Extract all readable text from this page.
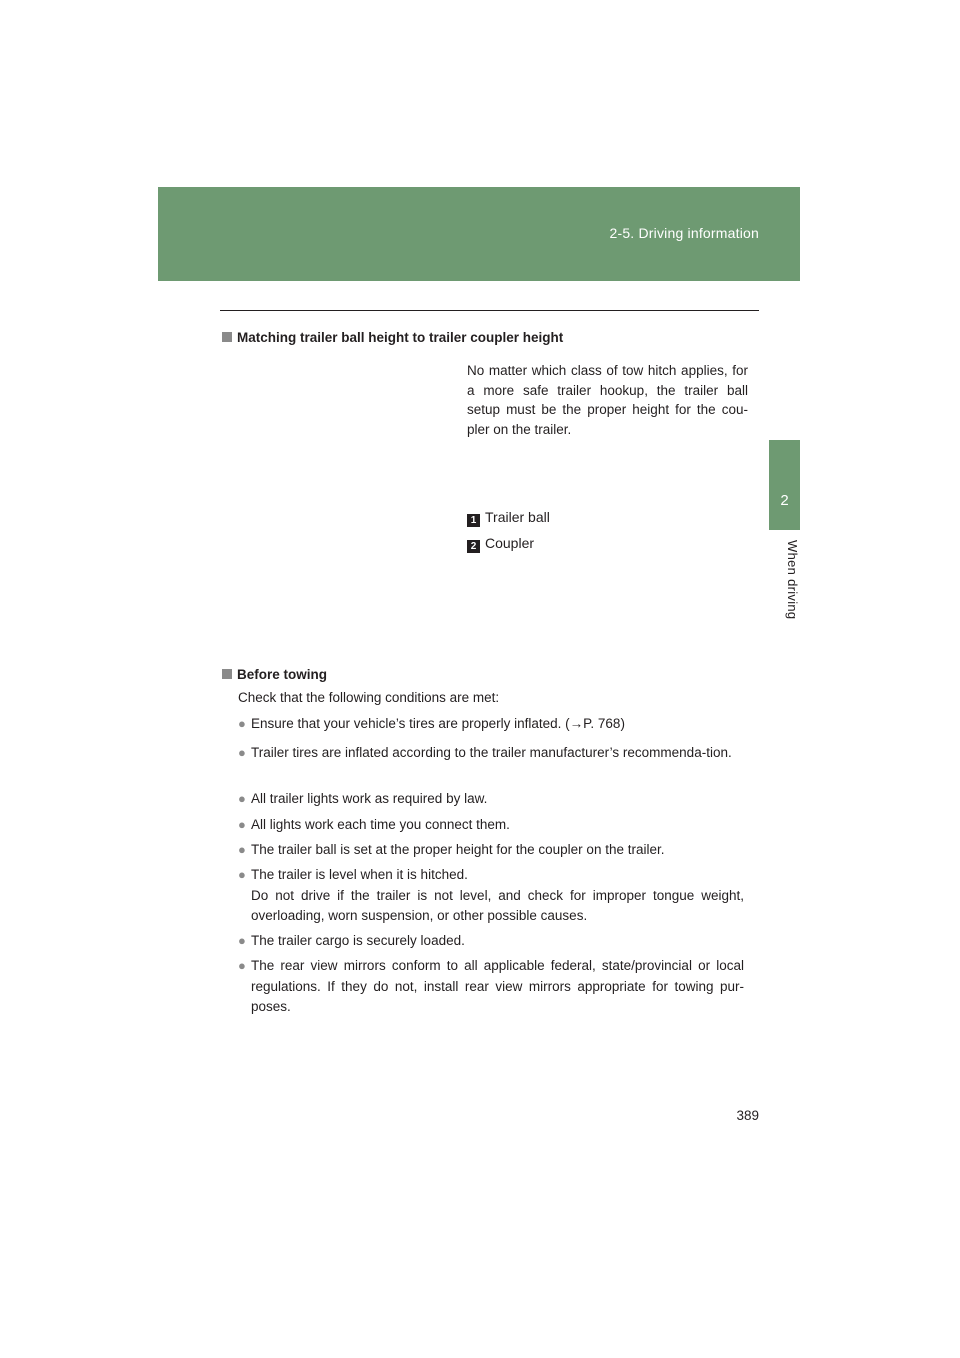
2-5. Driving information
2
When driving
Matching trailer ball height to trailer coupler height
No matter which class of tow hitch applies, for a more safe trailer hookup, the trailer ball setup must be the proper height for the cou-pler on the trailer.
1 Trailer ball
2 Coupler
Before towing
Check that the following conditions are met:
● Ensure that your vehicle’s tires are properly inflated. (→P. 768)
● Trailer tires are inflated according to the trailer manufacturer’s recommenda-tion.
● All trailer lights work as required by law.
● All lights work each time you connect them.
● The trailer ball is set at the proper height for the coupler on the trailer.
● The trailer is level when it is hitched.
Do not drive if the trailer is not level, and check for improper tongue weight, overloading, worn suspension, or other possible causes.
● The trailer cargo is securely loaded.
● The rear view mirrors conform to all applicable federal, state/provincial or local regulations. If they do not, install rear view mirrors appropriate for towing pur-poses.
389
